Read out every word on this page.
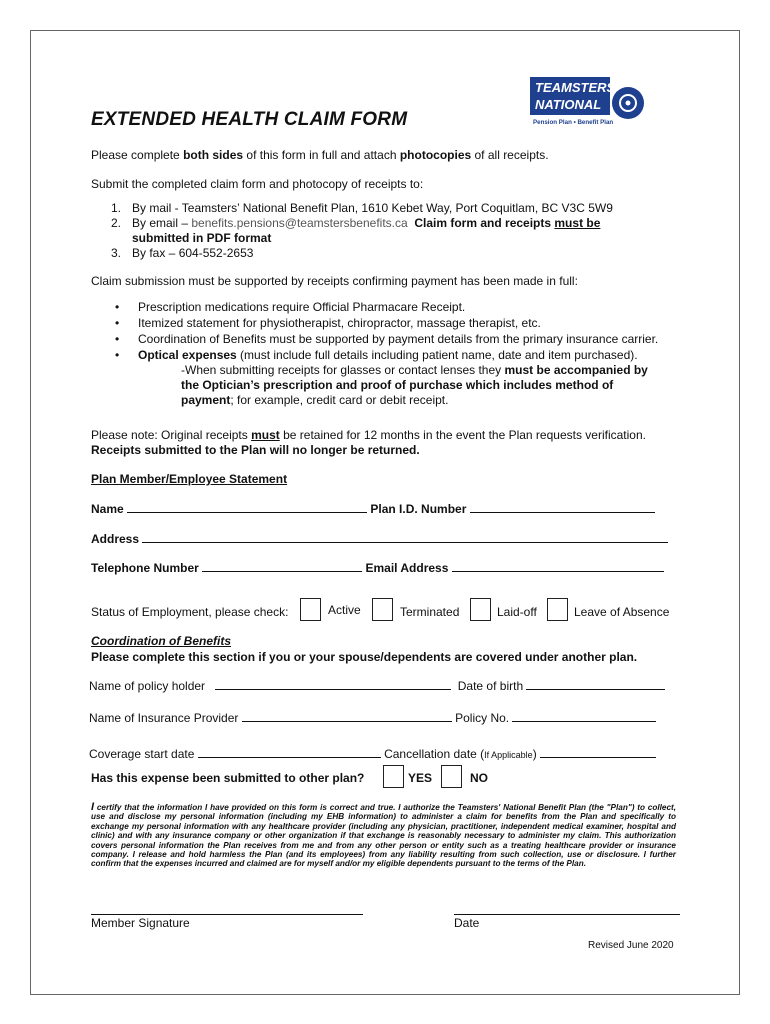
TEAMSTERS'
NATIONAL
Pension Plan • Benefit Plan
EXTENDED HEALTH CLAIM FORM
Please complete both sides of this form in full and attach photocopies of all receipts.
Submit the completed claim form and photocopy of receipts to:
1. By mail - Teamsters’ National Benefit Plan, 1610 Kebet Way, Port Coquitlam, BC V3C 5W9
2. By email – benefits.pensions@teamstersbenefits.ca Claim form and receipts must be
submitted in PDF format
3. By fax – 604-552-2653
Claim submission must be supported by receipts confirming payment has been made in full:
• Prescription medications require Official Pharmacare Receipt.
• Itemized statement for physiotherapist, chiropractor, massage therapist, etc.
• Coordination of Benefits must be supported by payment details from the primary insurance carrier.
• Optical expenses (must include full details including patient name, date and item purchased).
-When submitting receipts for glasses or contact lenses they must be accompanied by
the Optician’s prescription and proof of purchase which includes method of
payment; for example, credit card or debit receipt.
Please note: Original receipts must be retained for 12 months in the event the Plan requests verification.
Receipts submitted to the Plan will no longer be returned.
Plan Member/Employee Statement
Name	Plan I.D. Number
Address
Telephone Number	Email Address
Status of Employment, please check:	Active	Terminated	Laid-off	Leave of Absence
Coordination of Benefits
Please complete this section if you or your spouse/dependents are covered under another plan.
Name of policy holder	Date of birth
Name of Insurance Provider	Policy No.
Coverage start date	Cancellation date (If Applicable)
Has this expense been submitted to other plan?	YES	NO
I certify that the information I have provided on this form is correct and true. I authorize the Teamsters' National Benefit Plan (the "Plan") to collect, use and disclose my personal information (including my EHB information) to administer a claim for benefits from the Plan and specifically to exchange my personal information with any healthcare provider (including any physician, practitioner, independent medical examiner, hospital and clinic) and with any insurance company or other organization if that exchange is reasonably necessary to administer my claim. This authorization covers personal information the Plan receives from me and from any other person or entity such as a treating healthcare provider or insurance company. I release and hold harmless the Plan (and its employees) from any liability resulting from such collection, use or disclosure. I further confirm that the expenses incurred and claimed are for myself and/or my eligible dependents pursuant to the terms of the Plan.
Member Signature	Date
Revised June 2020
